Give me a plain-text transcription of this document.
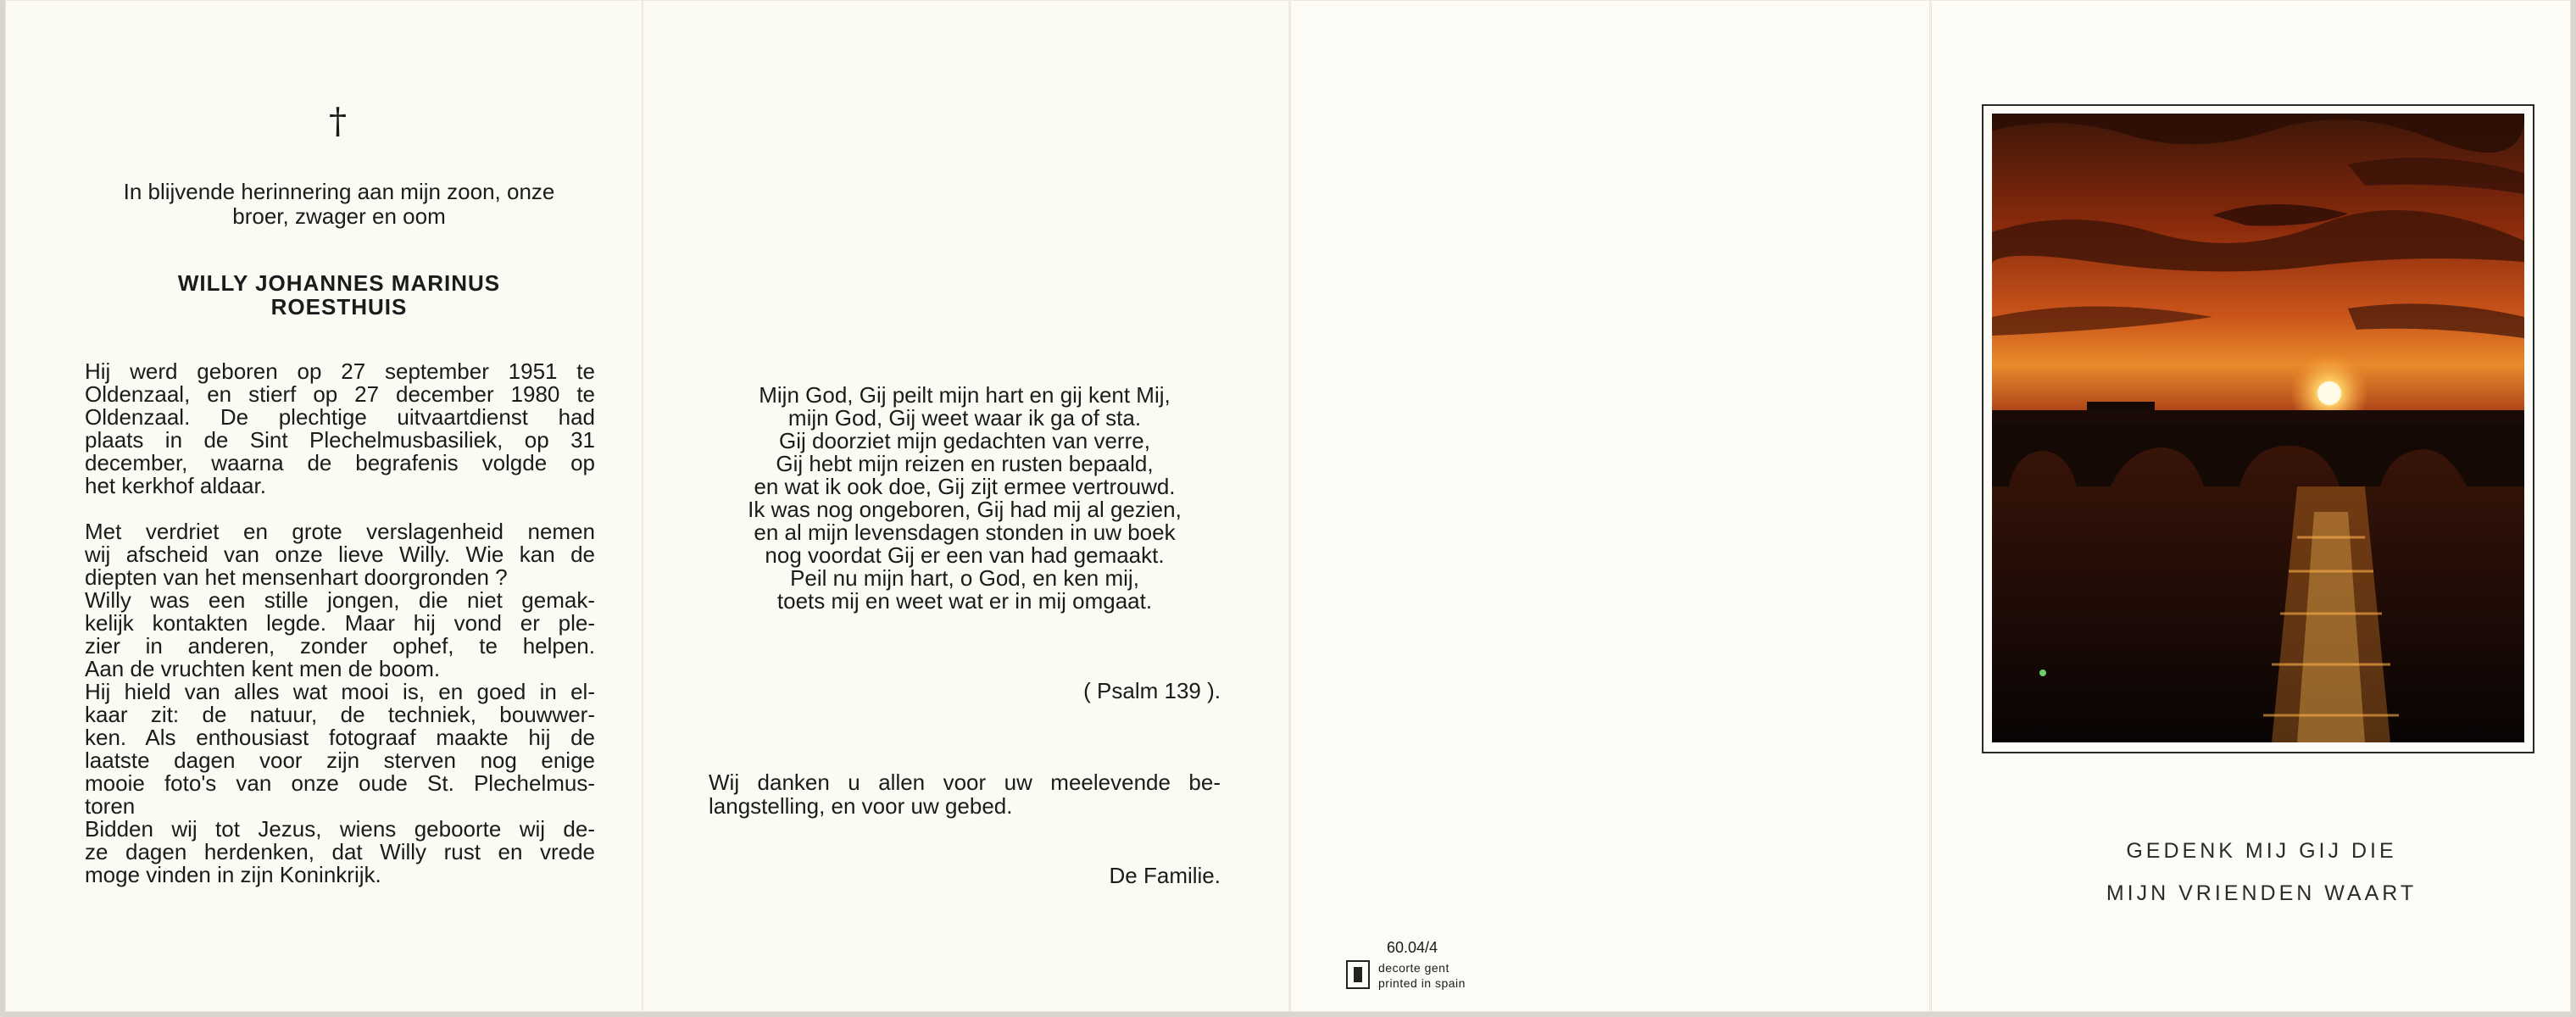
†
In blijvende herinnering aan mijn zoon, onze
broer, zwager en oom
WILLY JOHANNES MARINUS
ROESTHUIS

Hij werd geboren op 27 september 1951 te
Oldenzaal, en stierf op 27 december 1980 te
Oldenzaal. De plechtige uitvaartdienst had
plaats in de Sint Plechelmusbasiliek, op 31
december, waarna de begrafenis volgde op
het kerkhof aldaar.

Met verdriet en grote verslagenheid nemen
wij afscheid van onze lieve Willy. Wie kan de
diepten van het mensenhart doorgronden ?
Willy was een stille jongen, die niet gemak-
kelijk kontakten legde. Maar hij vond er ple-
zier in anderen, zonder ophef, te helpen.
Aan de vruchten kent men de boom.
Hij hield van alles wat mooi is, en goed in el-
kaar zit: de natuur, de techniek, bouwwer-
ken. Als enthousiast fotograaf maakte hij de
laatste dagen voor zijn sterven nog enige
mooie foto's van onze oude St. Plechelmus-
toren
Bidden wij tot Jezus, wiens geboorte wij de-
ze dagen herdenken, dat Willy rust en vrede
moge vinden in zijn Koninkrijk.

Mijn God, Gij peilt mijn hart en gij kent Mij,
mijn God, Gij weet waar ik ga of sta.
Gij doorziet mijn gedachten van verre,
Gij hebt mijn reizen en rusten bepaald,
en wat ik ook doe, Gij zijt ermee vertrouwd.
Ik was nog ongeboren, Gij had mij al gezien,
en al mijn levensdagen stonden in uw boek
nog voordat Gij er een van had gemaakt.
Peil nu mijn hart, o God, en ken mij,
toets mij en weet wat er in mij omgaat.
( Psalm 139 ).
Wij danken u allen voor uw meelevende be-
langstelling, en voor uw gebed.
De Familie.
60.04/4
decorte gent
printed in spain
GEDENK MIJ GIJ DIE
MIJN VRIENDEN WAART
